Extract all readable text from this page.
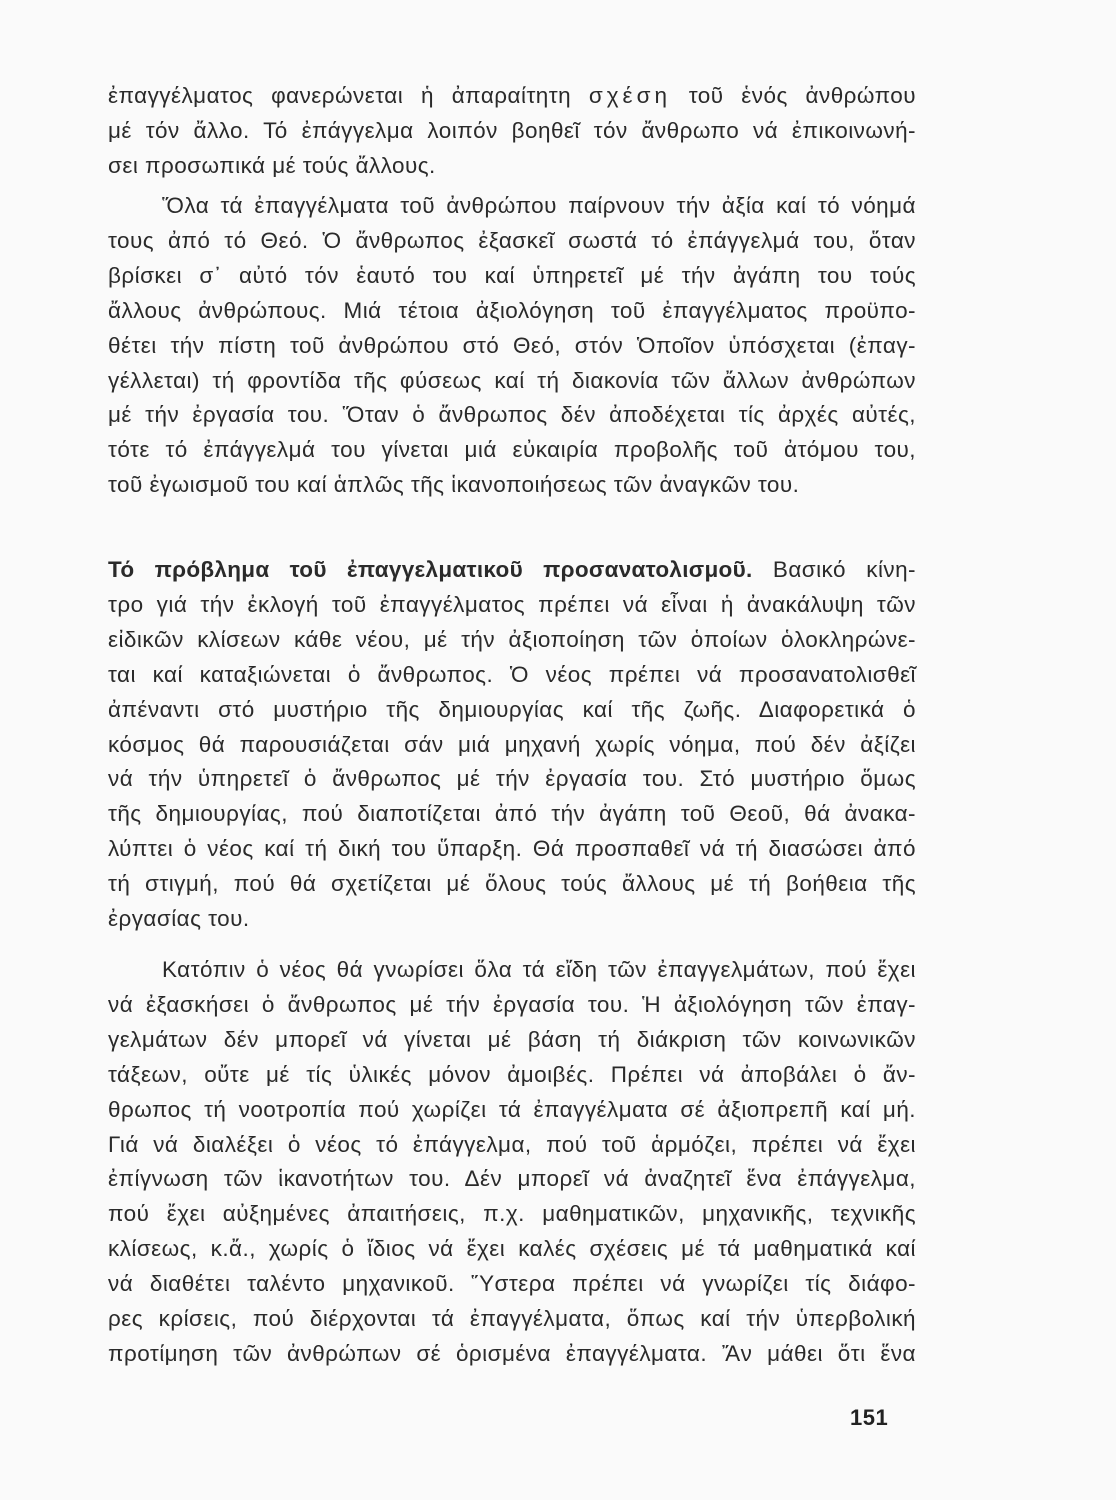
ἐπαγγέλματος φανερώνεται ἡ ἀπαραίτητη σχέση τοῦ ἑνός ἀνθρώπου
μέ τόν ἄλλο. Τό ἐπάγγελμα λοιπόν βοηθεῖ τόν ἄνθρωπο νά ἐπικοινωνή-
σει προσωπικά μέ τούς ἄλλους.
Ὅλα τά ἐπαγγέλματα τοῦ ἀνθρώπου παίρνουν τήν ἀξία καί τό νόημά
τους ἀπό τό Θεό. Ὁ ἄνθρωπος ἐξασκεῖ σωστά τό ἐπάγγελμά του, ὅταν
βρίσκει σ᾿ αὐτό τόν ἑαυτό του καί ὑπηρετεῖ μέ τήν ἀγάπη του τούς
ἄλλους ἀνθρώπους. Μιά τέτοια ἀξιολόγηση τοῦ ἐπαγγέλματος προϋπο-
θέτει τήν πίστη τοῦ ἀνθρώπου στό Θεό, στόν Ὁποῖον ὑπόσχεται (ἐπαγ-
γέλλεται) τή φροντίδα τῆς φύσεως καί τή διακονία τῶν ἄλλων ἀνθρώπων
μέ τήν ἐργασία του. Ὅταν ὁ ἄνθρωπος δέν ἀποδέχεται τίς ἀρχές αὐτές,
τότε τό ἐπάγγελμά του γίνεται μιά εὐκαιρία προβολῆς τοῦ ἀτόμου του,
τοῦ ἐγωισμοῦ του καί ἁπλῶς τῆς ἱκανοποιήσεως τῶν ἀναγκῶν του.
Τό πρόβλημα τοῦ ἐπαγγελματικοῦ προσανατολισμοῦ. Βασικό κίνη-
τρο γιά τήν ἐκλογή τοῦ ἐπαγγέλματος πρέπει νά εἶναι ἡ ἀνακάλυψη τῶν
εἰδικῶν κλίσεων κάθε νέου, μέ τήν ἀξιοποίηση τῶν ὁποίων ὁλοκληρώνε-
ται καί καταξιώνεται ὁ ἄνθρωπος. Ὁ νέος πρέπει νά προσανατολισθεῖ
ἀπέναντι στό μυστήριο τῆς δημιουργίας καί τῆς ζωῆς. Διαφορετικά ὁ
κόσμος θά παρουσιάζεται σάν μιά μηχανή χωρίς νόημα, πού δέν ἀξίζει
νά τήν ὑπηρετεῖ ὁ ἄνθρωπος μέ τήν ἐργασία του. Στό μυστήριο ὅμως
τῆς δημιουργίας, πού διαποτίζεται ἀπό τήν ἀγάπη τοῦ Θεοῦ, θά ἀνακα-
λύπτει ὁ νέος καί τή δική του ὕπαρξη. Θά προσπαθεῖ νά τή διασώσει ἀπό
τή στιγμή, πού θά σχετίζεται μέ ὅλους τούς ἄλλους μέ τή βοήθεια τῆς
ἐργασίας του.
Κατόπιν ὁ νέος θά γνωρίσει ὅλα τά εἴδη τῶν ἐπαγγελμάτων, πού ἔχει
νά ἐξασκήσει ὁ ἄνθρωπος μέ τήν ἐργασία του. Ἡ ἀξιολόγηση τῶν ἐπαγ-
γελμάτων δέν μπορεῖ νά γίνεται μέ βάση τή διάκριση τῶν κοινωνικῶν
τάξεων, οὔτε μέ τίς ὑλικές μόνον ἀμοιβές. Πρέπει νά ἀποβάλει ὁ ἄν-
θρωπος τή νοοτροπία πού χωρίζει τά ἐπαγγέλματα σέ ἀξιοπρεπῆ καί μή.
Γιά νά διαλέξει ὁ νέος τό ἐπάγγελμα, πού τοῦ ἁρμόζει, πρέπει νά ἔχει
ἐπίγνωση τῶν ἱκανοτήτων του. Δέν μπορεῖ νά ἀναζητεῖ ἕνα ἐπάγγελμα,
πού ἔχει αὐξημένες ἀπαιτήσεις, π.χ. μαθηματικῶν, μηχανικῆς, τεχνικῆς
κλίσεως, κ.ἄ., χωρίς ὁ ἴδιος νά ἔχει καλές σχέσεις μέ τά μαθηματικά καί
νά διαθέτει ταλέντο μηχανικοῦ. Ὕστερα πρέπει νά γνωρίζει τίς διάφο-
ρες κρίσεις, πού διέρχονται τά ἐπαγγέλματα, ὅπως καί τήν ὑπερβολική
προτίμηση τῶν ἀνθρώπων σέ ὁρισμένα ἐπαγγέλματα. Ἄν μάθει ὅτι ἕνα
151
